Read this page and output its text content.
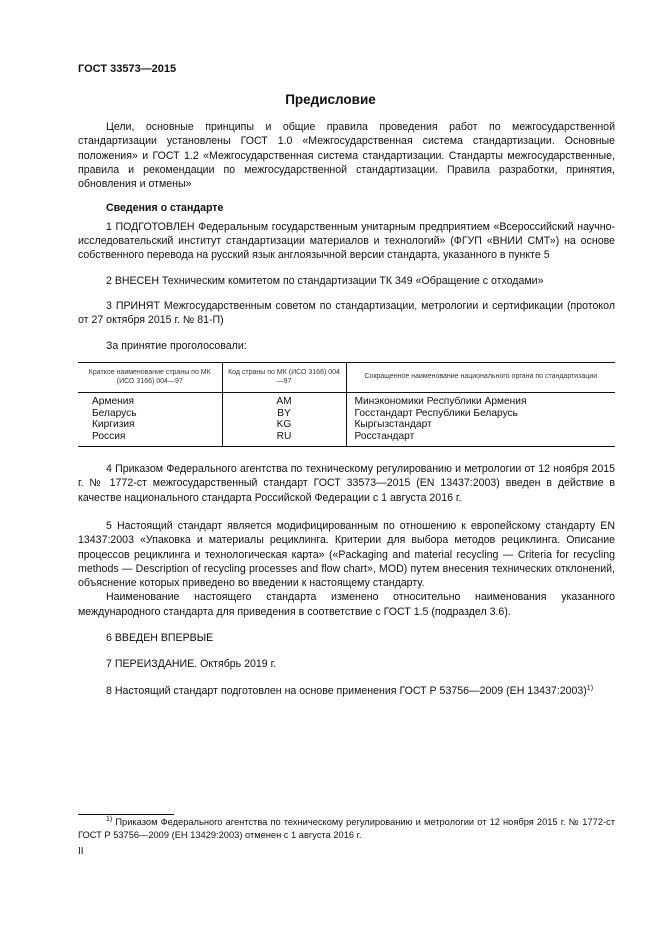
ГОСТ 33573—2015
Предисловие

Цели, основные принципы и общие правила проведения работ по межгосударственной стандартизации установлены ГОСТ 1.0 «Межгосударственная система стандартизации. Основные положения» и ГОСТ 1.2 «Межгосударственная система стандартизации. Стандарты межгосударственные, правила и рекомендации по межгосударственной стандартизации. Правила разработки, принятия, обновления и отмены»

Сведения о стандарте

1 ПОДГОТОВЛЕН Федеральным государственным унитарным предприятием «Всероссийский научно-исследовательский институт стандартизации материалов и технологий» (ФГУП «ВНИИ СМТ») на основе собственного перевода на русский язык англоязычной версии стандарта, указанного в пункте 5

2 ВНЕСЕН Техническим комитетом по стандартизации ТК 349 «Обращение с отходами»

3 ПРИНЯТ Межгосударственным советом по стандартизации, метрологии и сертификации (протокол от 27 октября 2015 г. № 81-П)

За принятие проголосовали:

Краткое наименование страны по МК (ИСО 3166) 004—97	Код страны по МК (ИСО 3166) 004—97	Сокращенное наименование национального органа по стандартизации
Армения	AM	Минэкономики Республики Армения
Беларусь	BY	Госстандарт Республики Беларусь
Киргизия	KG	Кыргызстандарт
Россия	RU	Росстандарт

4 Приказом Федерального агентства по техническому регулированию и метрологии от 12 ноября 2015 г. № 1772-ст межгосударственный стандарт ГОСТ 33573—2015 (EN 13437:2003) введен в действие в качестве национального стандарта Российской Федерации с 1 августа 2016 г.

5 Настоящий стандарт является модифицированным по отношению к европейскому стандарту EN 13437:2003 «Упаковка и материалы рециклинга. Критерии для выбора методов рециклинга. Описание процессов рециклинга и технологическая карта» («Packaging and material recycling — Criteria for recycling methods — Description of recycling processes and flow chart», MOD) путем внесения технических отклонений, объяснение которых приведено во введении к настоящему стандарту.

Наименование настоящего стандарта изменено относительно наименования указанного международного стандарта для приведения в соответствие с ГОСТ 1.5 (подраздел 3.6).

6 ВВЕДЕН ВПЕРВЫЕ

7 ПЕРЕИЗДАНИЕ. Октябрь 2019 г.

8 Настоящий стандарт подготовлен на основе применения ГОСТ Р 53756—2009 (ЕН 13437:2003)$^{1)}$

$^{1)}$ Приказом Федерального агентства по техническому регулированию и метрологии от 12 ноября 2015 г. № 1772-ст ГОСТ Р 53756—2009 (ЕН 13429:2003) отменен с 1 августа 2016 г.

II
